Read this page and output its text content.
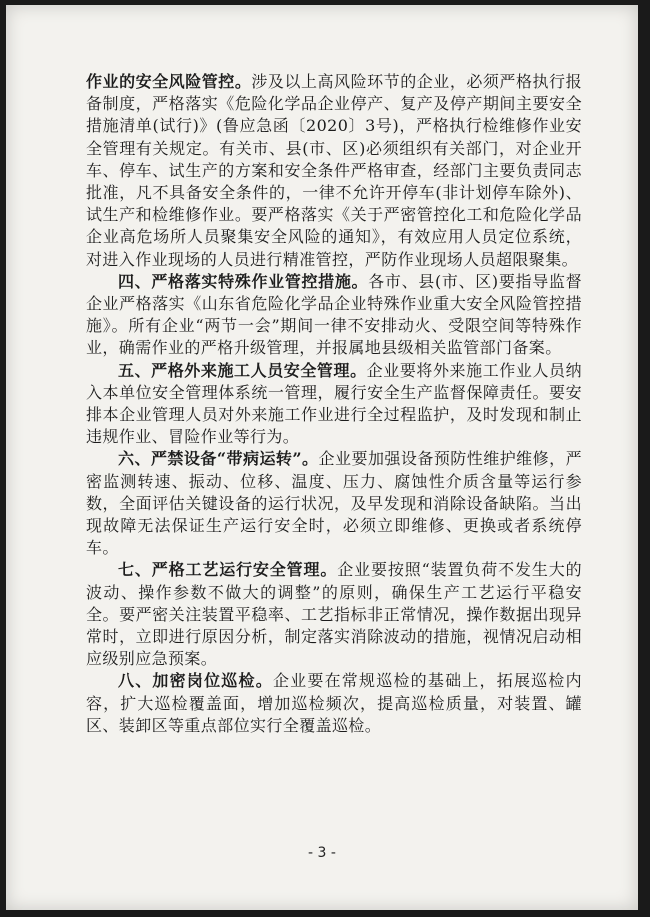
作业的安全风险管控。涉及以上高风险环节的企业，必须严格执行报备制度，严格落实《危险化学品企业停产、复产及停产期间主要安全措施清单(试行)》(鲁应急函〔2020〕3号)，严格执行检维修作业安全管理有关规定。有关市、县(市、区)必须组织有关部门，对企业开车、停车、试生产的方案和安全条件严格审查，经部门主要负责同志批准，凡不具备安全条件的，一律不允许开停车(非计划停车除外)、试生产和检维修作业。要严格落实《关于严密管控化工和危险化学品企业高危场所人员聚集安全风险的通知》，有效应用人员定位系统，对进入作业现场的人员进行精准管控，严防作业现场人员超限聚集。

四、严格落实特殊作业管控措施。各市、县(市、区)要指导监督企业严格落实《山东省危险化学品企业特殊作业重大安全风险管控措施》。所有企业“两节一会”期间一律不安排动火、受限空间等特殊作业，确需作业的严格升级管理，并报属地县级相关监管部门备案。

五、严格外来施工人员安全管理。企业要将外来施工作业人员纳入本单位安全管理体系统一管理，履行安全生产监督保障责任。要安排本企业管理人员对外来施工作业进行全过程监护，及时发现和制止违规作业、冒险作业等行为。

六、严禁设备“带病运转”。企业要加强设备预防性维护维修，严密监测转速、振动、位移、温度、压力、腐蚀性介质含量等运行参数，全面评估关键设备的运行状况，及早发现和消除设备缺陷。当出现故障无法保证生产运行安全时，必须立即维修、更换或者系统停车。

七、严格工艺运行安全管理。企业要按照“装置负荷不发生大的波动、操作参数不做大的调整”的原则，确保生产工艺运行平稳安全。要严密关注装置平稳率、工艺指标非正常情况，操作数据出现异常时，立即进行原因分析，制定落实消除波动的措施，视情况启动相应级别应急预案。

八、加密岗位巡检。企业要在常规巡检的基础上，拓展巡检内容，扩大巡检覆盖面，增加巡检频次，提高巡检质量，对装置、罐区、装卸区等重点部位实行全覆盖巡检。

- 3 -
